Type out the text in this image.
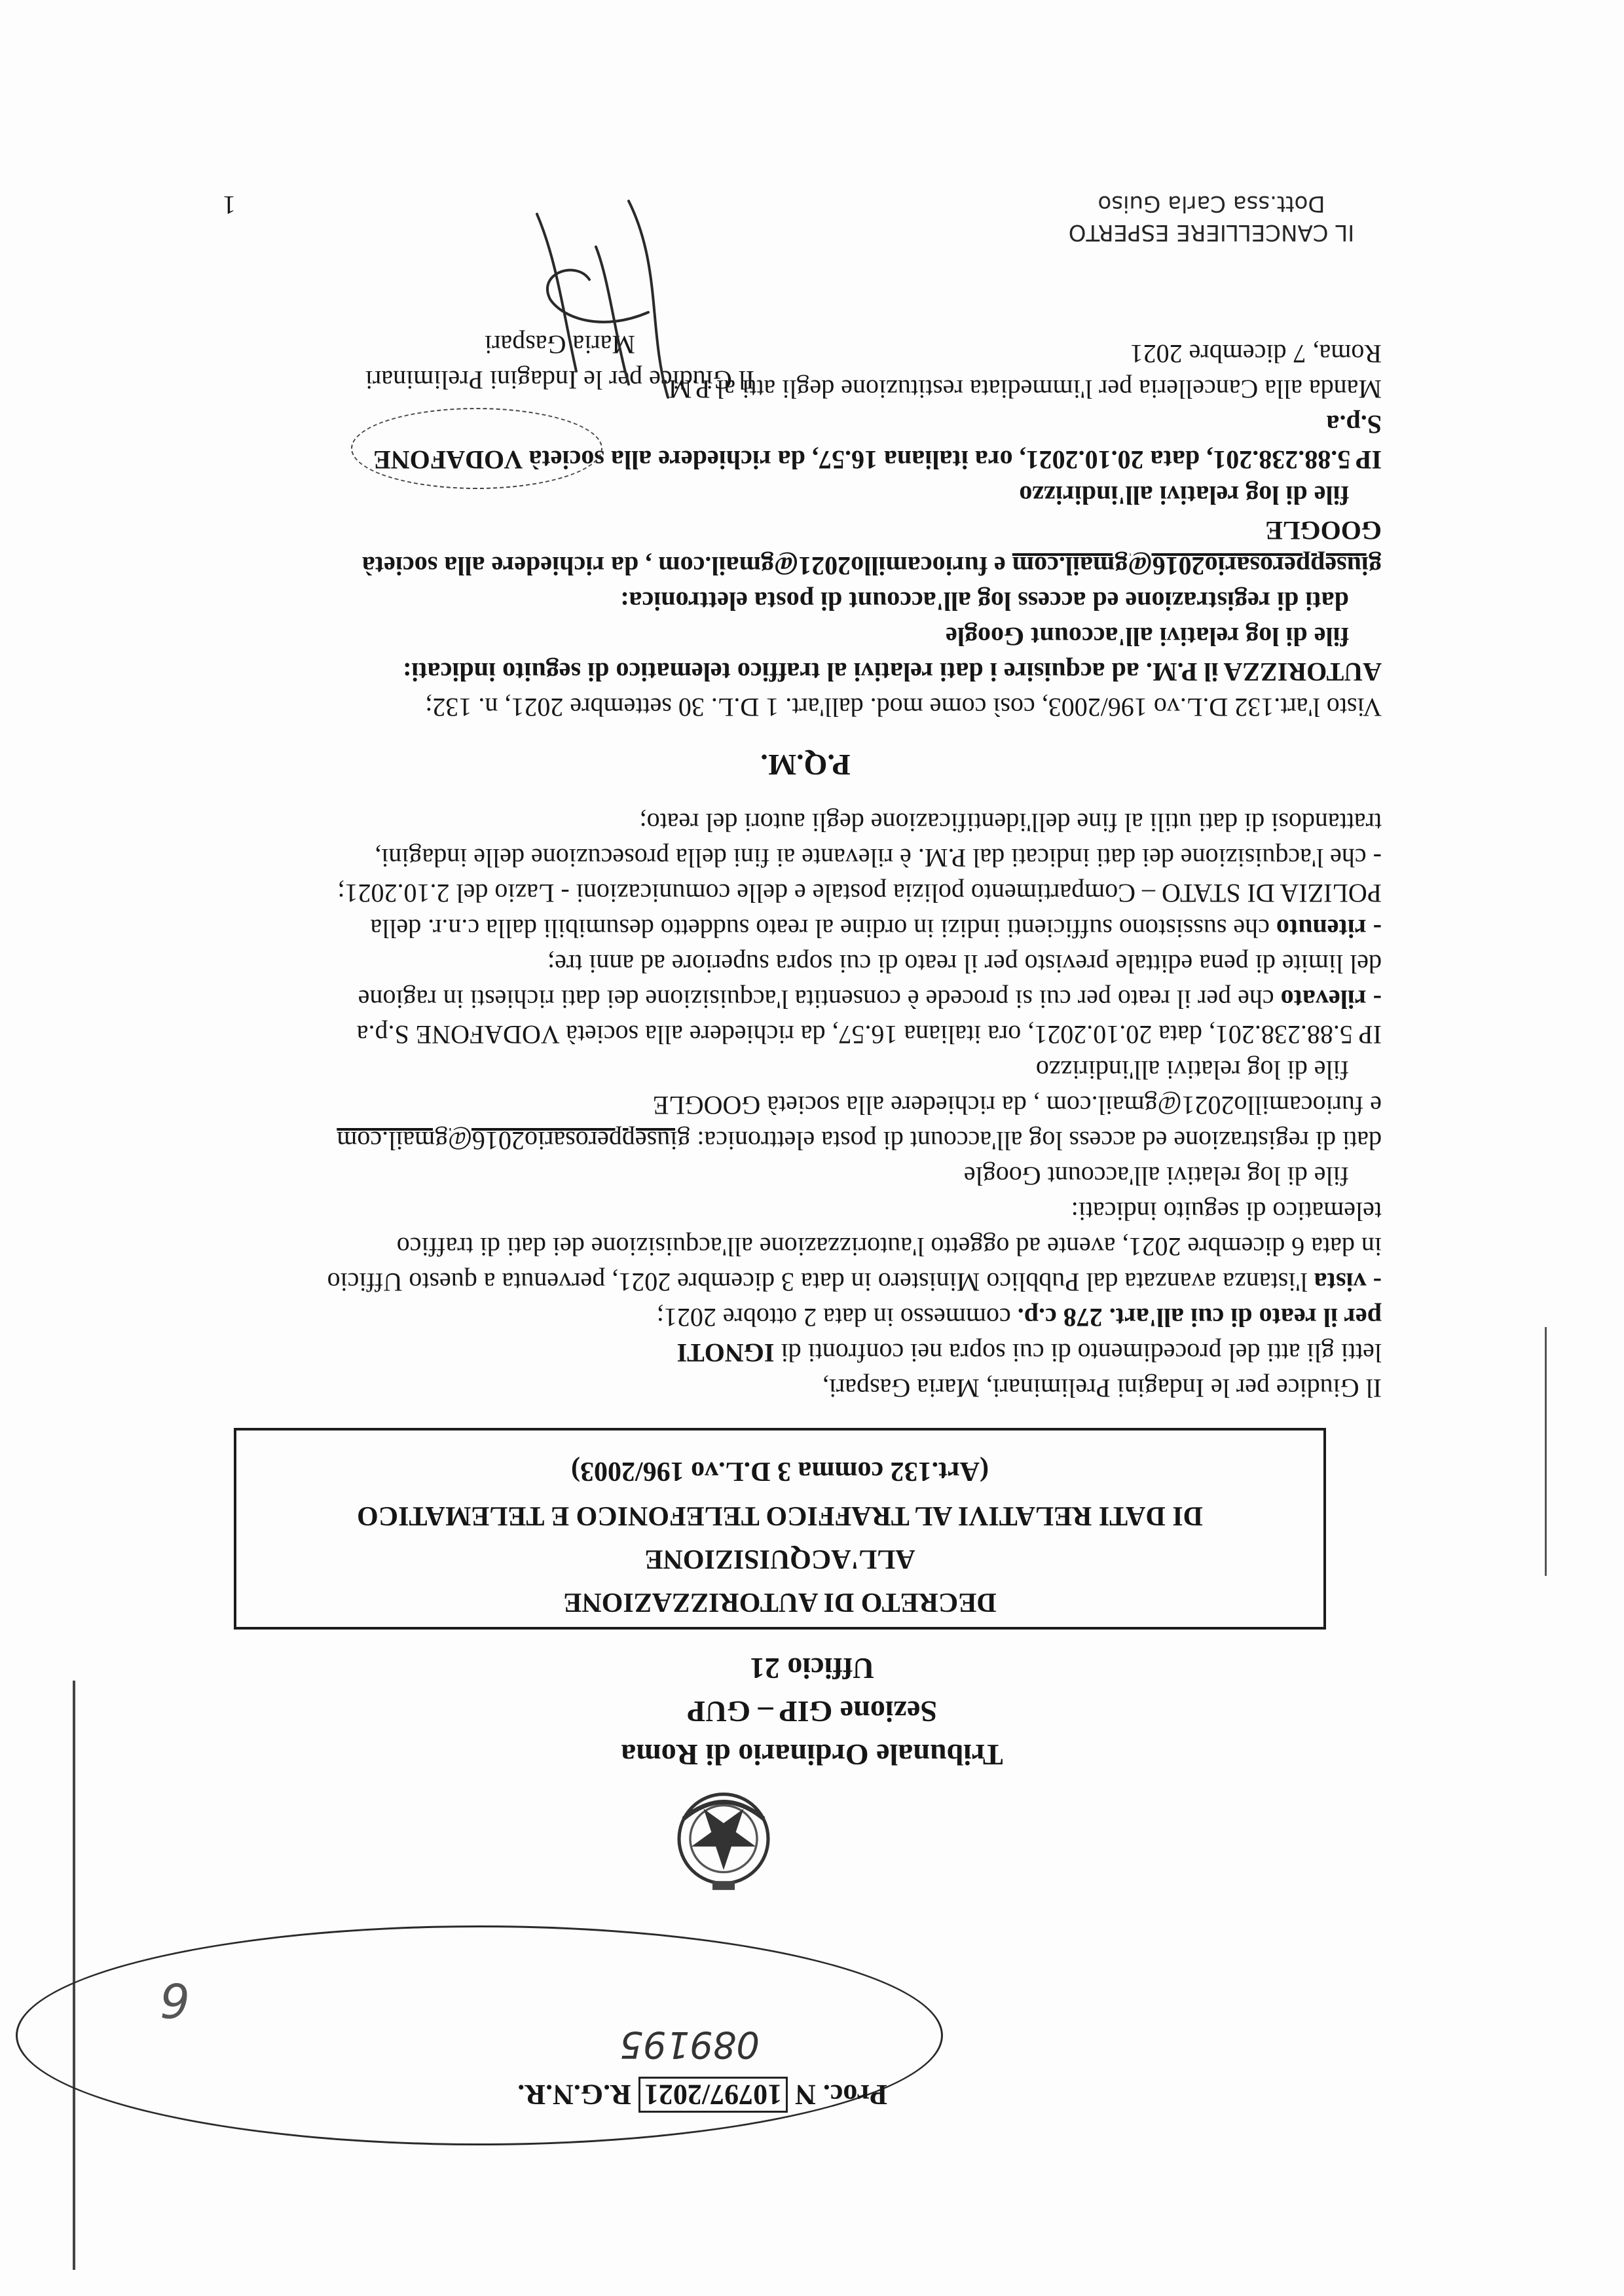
Proc. N 10797/2021 R.G.N.R.
089195
6
Tribunale Ordinario di Roma
Sezione GIP – GUP
Ufficio 21
DECRETO DI AUTORIZZAZIONE
ALL'ACQUISIZIONE
DI DATI RELATIVI AL TRAFFICO TELEFONICO E TELEMATICO
(Art.132 comma 3 D.L.vo 196/2003)

Il Giudice per le Indagini Preliminari, Maria Gaspari,

letti gli atti del procedimento di cui sopra nei confronti di IGNOTI

per il reato di cui all'art. 278 c.p. commesso in data 2 ottobre 2021;

- vista l'istanza avanzata dal Pubblico Ministero in data 3 dicembre 2021, pervenuta a questo Ufficio

in data 6 dicembre 2021, avente ad oggetto l'autorizzazione all'acquisizione dei dati di traffico

telematico di seguito indicati:

file di log relativi all'account Google

dati di registrazione ed access log all'account di posta elettronica: giusepperosario2016@gmail.com

e furiocamillo2021@gmail.com , da richiedere alla società GOOGLE

file di log relativi all'indirizzo

IP 5.88.238.201, data 20.10.2021, ora italiana 16.57, da richiedere alla società VODAFONE S.p.a

- rilevato che per il reato per cui si procede è consentita l'acquisizione dei dati richiesti in ragione

del limite di pena edittale previsto per il reato di cui sopra superiore ad anni tre;

- ritenuto che sussistono sufficienti indizi in ordine al reato suddetto desumibili dalla c.n.r. della

POLIZIA DI STATO – Compartimento polizia postale e delle comunicazioni - Lazio del 2.10.2021;

- che l'acquisizione dei dati indicati dal P.M. è rilevante ai fini della prosecuzione delle indagini,

trattandosi di dati utili al fine dell'identificazione degli autori del reato;

P.Q.M.

Visto l'art.132 D.L.vo 196/2003, così come mod. dall'art. 1 D.L. 30 settembre 2021, n. 132;

AUTORIZZA il P.M. ad acquisire i dati relativi al traffico telematico di seguito indicati:

file di log relativi all'account Google

dati di registrazione ed access log all'account di posta elettronica:

giusepperosario2016@gmail.com e furiocamillo2021@gmail.com , da richiedere alla società

GOOGLE

file di log relativi all'indirizzo

IP 5.88.238.201, data 20.10.2021, ora italiana 16.57, da richiedere alla società VODAFONE

S.p.a

Manda alla Cancelleria per l'immediata restituzione degli atti al P.M.

Roma, 7 dicembre 2021

Il Giudice per le Indagini Preliminari
Maria Gaspari
IL CANCELLIERE ESPERTO
Dott.ssa Carla Guiso
1
